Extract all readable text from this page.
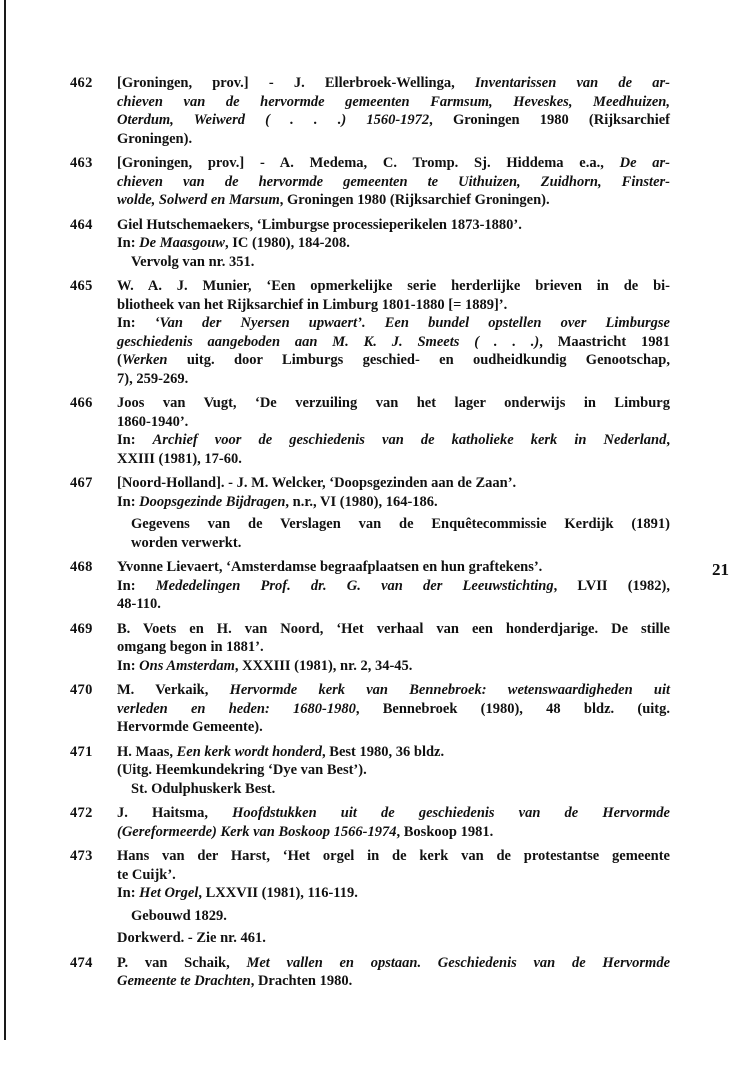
21
462	[Groningen, prov.] - J. Ellerbroek-Wellinga, Inventarissen van de ar-
chieven van de hervormde gemeenten Farmsum, Heveskes, Meedhuizen,
Oterdum, Weiwerd ( . . .) 1560-1972, Groningen 1980 (Rijksarchief
Groningen).
463	[Groningen, prov.] - A. Medema, C. Tromp. Sj. Hiddema e.a., De ar-
chieven van de hervormde gemeenten te Uithuizen, Zuidhorn, Finster-
wolde, Solwerd en Marsum, Groningen 1980 (Rijksarchief Groningen).
464	Giel Hutschemaekers, ‘Limburgse processieperikelen 1873-1880’.
In: De Maasgouw, IC (1980), 184-208.
Vervolg van nr. 351.
465	W. A. J. Munier, ‘Een opmerkelijke serie herderlijke brieven in de bi-
bliotheek van het Rijksarchief in Limburg 1801-1880 [= 1889]’.
In: ‘Van der Nyersen upwaert’. Een bundel opstellen over Limburgse
geschiedenis aangeboden aan M. K. J. Smeets ( . . .), Maastricht 1981
(Werken uitg. door Limburgs geschied- en oudheidkundig Genootschap,
7), 259-269.
466	Joos van Vugt, ‘De verzuiling van het lager onderwijs in Limburg
1860-1940’.
In: Archief voor de geschiedenis van de katholieke kerk in Nederland,
XXIII (1981), 17-60.
467	[Noord-Holland]. - J. M. Welcker, ‘Doopsgezinden aan de Zaan’.
In: Doopsgezinde Bijdragen, n.r., VI (1980), 164-186.
Gegevens van de Verslagen van de Enquêtecommissie Kerdijk (1891)
worden verwerkt.
468	Yvonne Lievaert, ‘Amsterdamse begraafplaatsen en hun graftekens’.
In: Mededelingen Prof. dr. G. van der Leeuwstichting, LVII (1982),
48-110.
469	B. Voets en H. van Noord, ‘Het verhaal van een honderdjarige. De stille
omgang begon in 1881’.
In: Ons Amsterdam, XXXIII (1981), nr. 2, 34-45.
470	M. Verkaik, Hervormde kerk van Bennebroek: wetenswaardigheden uit
verleden en heden: 1680-1980, Bennebroek (1980), 48 bldz. (uitg.
Hervormde Gemeente).
471	H. Maas, Een kerk wordt honderd, Best 1980, 36 bldz.
(Uitg. Heemkundekring ‘Dye van Best’).
St. Odulphuskerk Best.
472	J. Haitsma, Hoofdstukken uit de geschiedenis van de Hervormde
(Gereformeerde) Kerk van Boskoop 1566-1974, Boskoop 1981.
473	Hans van der Harst, ‘Het orgel in de kerk van de protestantse gemeente
te Cuijk’.
In: Het Orgel, LXXVII (1981), 116-119.
Gebouwd 1829.
Dorkwerd. - Zie nr. 461.
474	P. van Schaik, Met vallen en opstaan. Geschiedenis van de Hervormde
Gemeente te Drachten, Drachten 1980.
